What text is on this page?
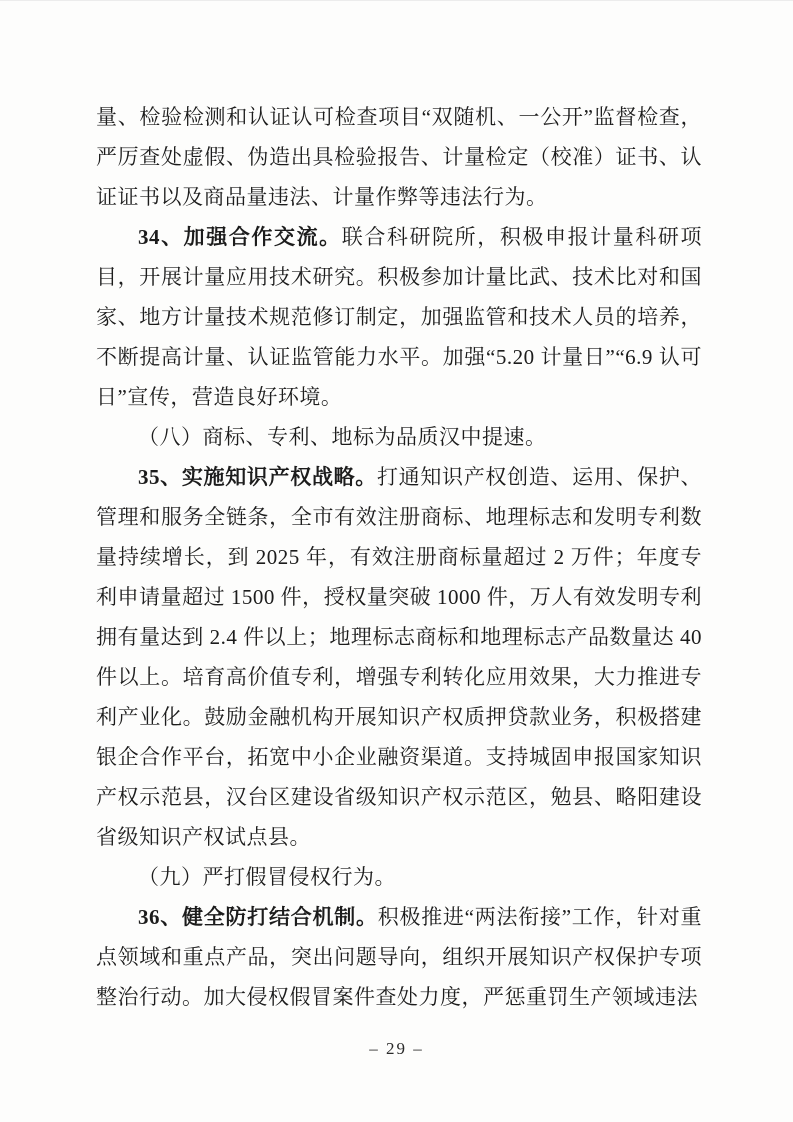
量、检验检测和认证认可检查项目“双随机、一公开”监督检查，严厉查处虚假、伪造出具检验报告、计量检定（校准）证书、认证证书以及商品量违法、计量作弊等违法行为。

34、加强合作交流。联合科研院所，积极申报计量科研项目，开展计量应用技术研究。积极参加计量比武、技术比对和国家、地方计量技术规范修订制定，加强监管和技术人员的培养，不断提高计量、认证监管能力水平。加强“5.20 计量日”“6.9 认可日”宣传，营造良好环境。

（八）商标、专利、地标为品质汉中提速。

35、实施知识产权战略。打通知识产权创造、运用、保护、管理和服务全链条，全市有效注册商标、地理标志和发明专利数量持续增长，到 2025 年，有效注册商标量超过 2 万件；年度专利申请量超过 1500 件，授权量突破 1000 件，万人有效发明专利拥有量达到 2.4 件以上；地理标志商标和地理标志产品数量达 40 件以上。培育高价值专利，增强专利转化应用效果，大力推进专利产业化。鼓励金融机构开展知识产权质押贷款业务，积极搭建银企合作平台，拓宽中小企业融资渠道。支持城固申报国家知识产权示范县，汉台区建设省级知识产权示范区，勉县、略阳建设省级知识产权试点县。

（九）严打假冒侵权行为。

36、健全防打结合机制。积极推进“两法衔接”工作，针对重点领域和重点产品，突出问题导向，组织开展知识产权保护专项整治行动。加大侵权假冒案件查处力度，严惩重罚生产领域违法

– 29 –
